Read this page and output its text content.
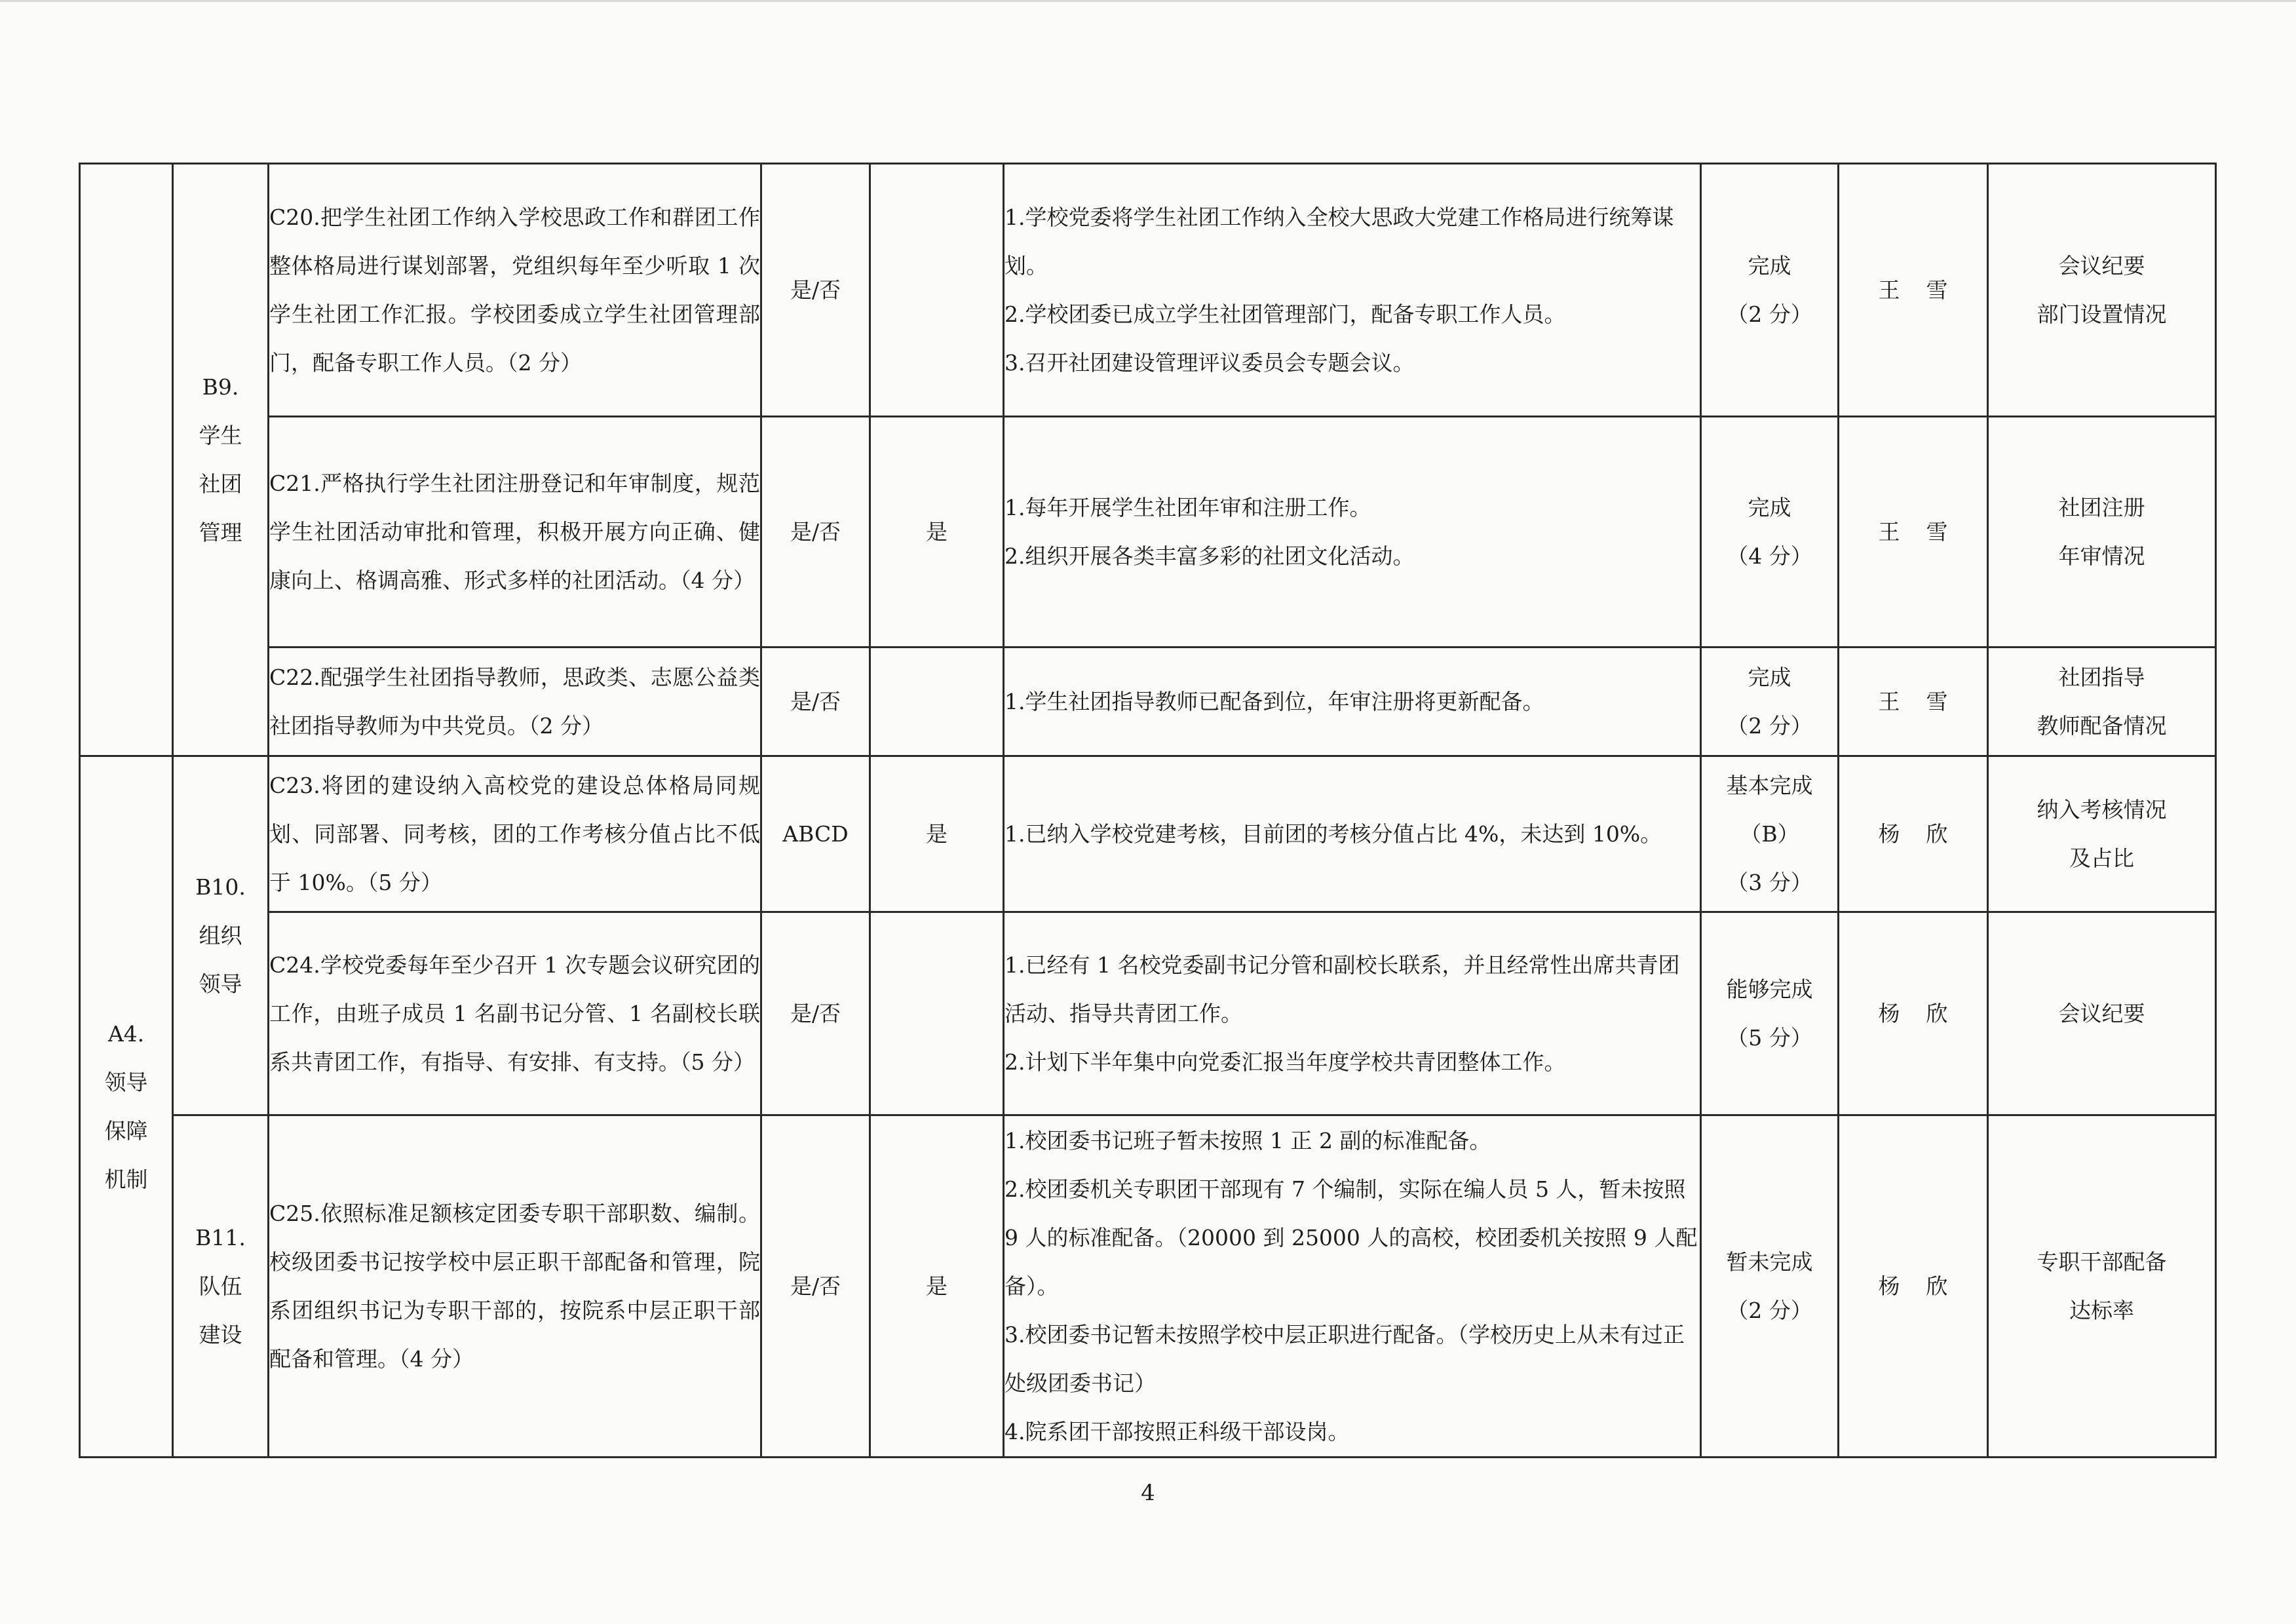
	B9.
学生
社团
管理	C20.把学生社团工作纳入学校思政工作和群团工作整体格局进行谋划部署，党组织每年至少听取 1 次学生社团工作汇报。学校团委成立学生社团管理部门，配备专职工作人员。（2 分）	是/否		1.学校党委将学生社团工作纳入全校大思政大党建工作格局进行统筹谋划。
2.学校团委已成立学生社团管理部门，配备专职工作人员。
3.召开社团建设管理评议委员会专题会议。	完成
（2 分）	王雪	会议纪要
部门设置情况

		C21.严格执行学生社团注册登记和年审制度，规范学生社团活动审批和管理，积极开展方向正确、健康向上、格调高雅、形式多样的社团活动。（4 分）	是/否	是	1.每年开展学生社团年审和注册工作。
2.组织开展各类丰富多彩的社团文化活动。	完成
（4 分）	王雪	社团注册
年审情况

		C22.配强学生社团指导教师，思政类、志愿公益类社团指导教师为中共党员。（2 分）	是/否		1.学生社团指导教师已配备到位，年审注册将更新配备。	完成
（2 分）	王雪	社团指导
教师配备情况

A4.
领导
保障
机制	B10.
组织
领导	C23.将团的建设纳入高校党的建设总体格局同规划、同部署、同考核，团的工作考核分值占比不低于 10%。（5 分）	ABCD	是	1.已纳入学校党建考核，目前团的考核分值占比 4%，未达到 10%。	基本完成
（B）
（3 分）	杨欣	纳入考核情况
及占比

		C24.学校党委每年至少召开 1 次专题会议研究团的工作，由班子成员 1 名副书记分管、1 名副校长联系共青团工作，有指导、有安排、有支持。（5 分）	是/否		1.已经有 1 名校党委副书记分管和副校长联系，并且经常性出席共青团活动、指导共青团工作。
2.计划下半年集中向党委汇报当年度学校共青团整体工作。	能够完成
（5 分）	杨欣	会议纪要

	B11.
队伍
建设	C25.依照标准足额核定团委专职干部职数、编制。校级团委书记按学校中层正职干部配备和管理，院系团组织书记为专职干部的，按院系中层正职干部配备和管理。（4 分）	是/否	是	1.校团委书记班子暂未按照 1 正 2 副的标准配备。
2.校团委机关专职团干部现有 7 个编制，实际在编人员 5 人，暂未按照 9 人的标准配备。（20000 到 25000 人的高校，校团委机关按照 9 人配备）。
3.校团委书记暂未按照学校中层正职进行配备。（学校历史上从未有过正处级团委书记）
4.院系团干部按照正科级干部设岗。	暂未完成
（2 分）	杨欣	专职干部配备
达标率
4
